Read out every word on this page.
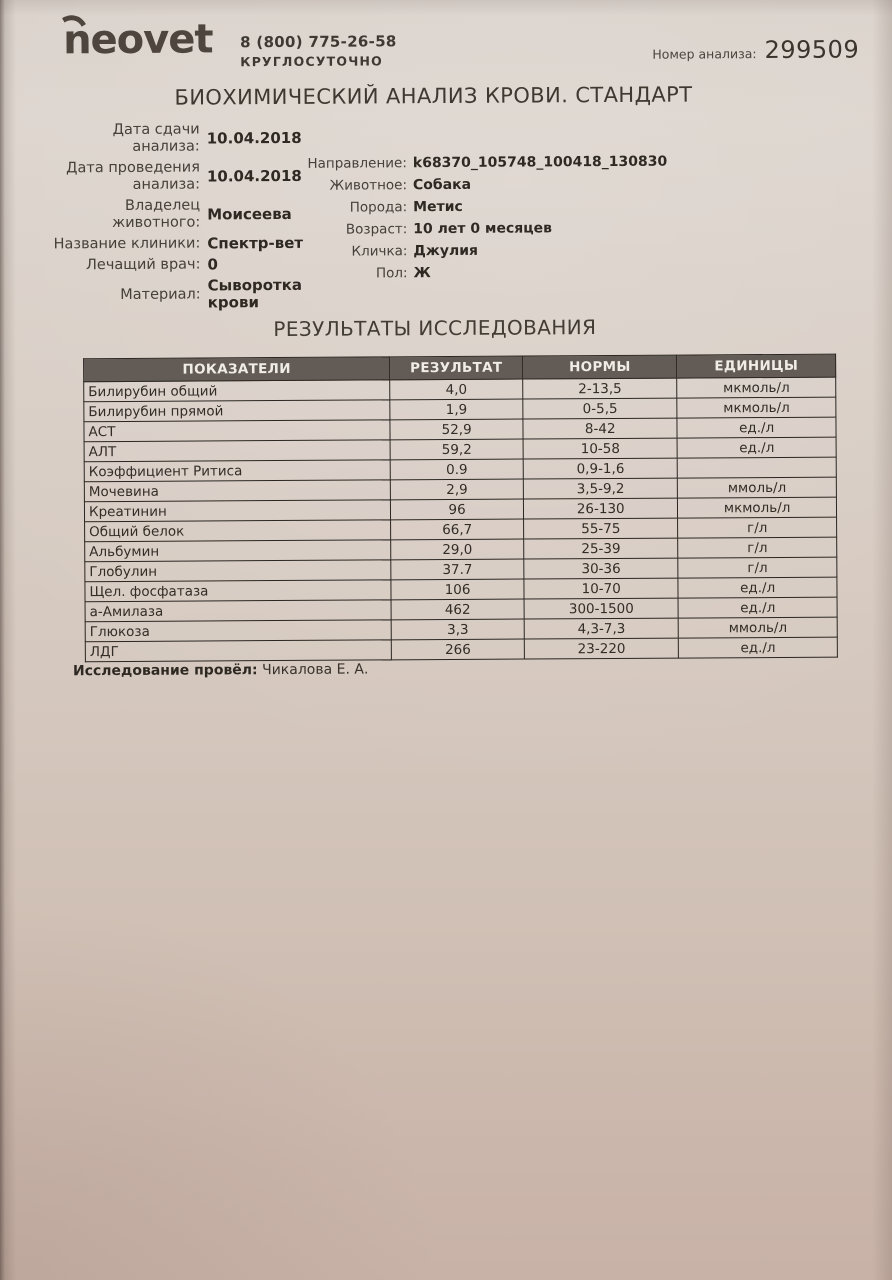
neovet 8 (800) 775-26-58
КРУГЛОСУТОЧНО	Номер анализа: 299509
БИОХИМИЧЕСКИЙ АНАЛИЗ КРОВИ. СТАНДАРТ
Дата сдачи
анализа: 10.04.2018
Дата проведения
анализа: 10.04.2018
Владелец
животного: Моисеева
Название клиники: Спектр-вет
Лечащий врач: 0
Материал: Сыворотка
крови
Направление: k68370_105748_100418_130830
Животное: Собака
Порода: Метис
Возраст: 10 лет 0 месяцев
Кличка: Джулия
Пол: Ж
РЕЗУЛЬТАТЫ ИССЛЕДОВАНИЯ
ПОКАЗАТЕЛИ	РЕЗУЛЬТАТ	НОРМЫ	ЕДИНИЦЫ
Билирубин общий	4,0	2-13,5	мкмоль/л
Билирубин прямой	1,9	0-5,5	мкмоль/л
АСТ	52,9	8-42	ед./л
АЛТ	59,2	10-58	ед./л
Коэффициент Ритиса	0.9	0,9-1,6	
Мочевина	2,9	3,5-9,2	ммоль/л
Креатинин	96	26-130	мкмоль/л
Общий белок	66,7	55-75	г/л
Альбумин	29,0	25-39	г/л
Глобулин	37.7	30-36	г/л
Щел. фосфатаза	106	10-70	ед./л
а-Амилаза	462	300-1500	ед./л
Глюкоза	3,3	4,3-7,3	ммоль/л
ЛДГ	266	23-220	ед./л
Исследование провёл: Чикалова Е. А.
